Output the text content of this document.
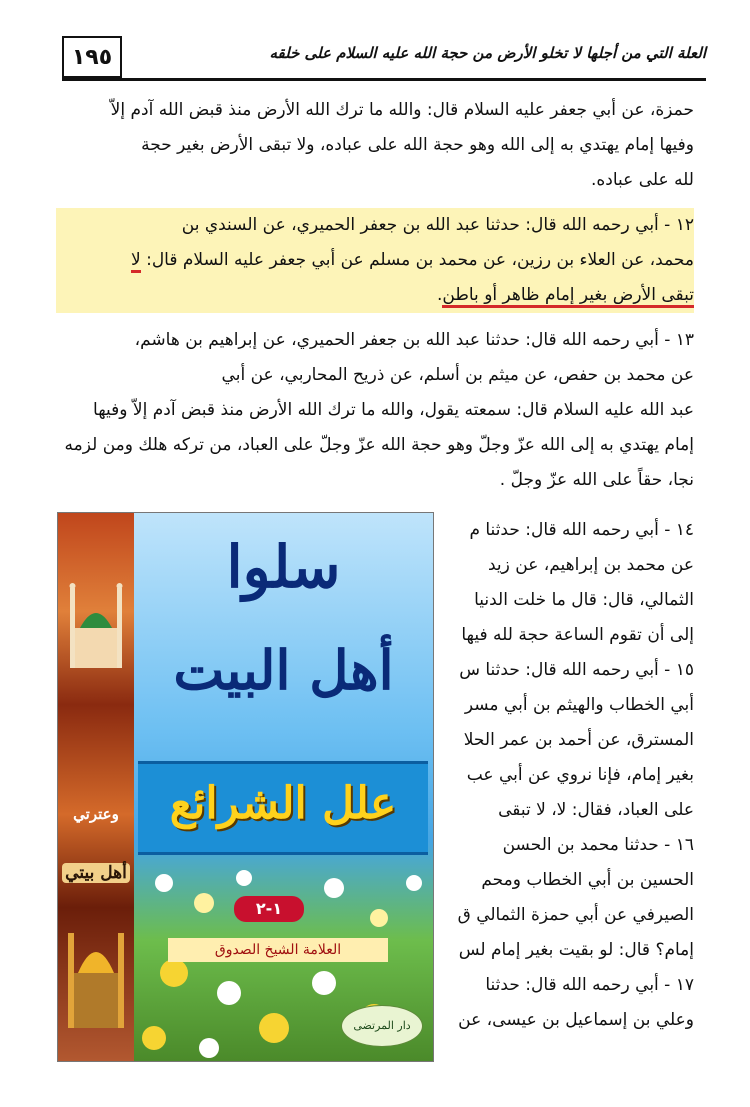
١٩٥	العلة التي من أجلها لا تخلو الأرض من حجة الله عليه السلام على خلقه

حمزة، عن أبي جعفر عليه السلام قال: والله ما ترك الله الأرض منذ قبض الله آدم إلاّ

وفيها إمام يهتدي به إلى الله وهو حجة الله على عباده، ولا تبقى الأرض بغير حجة

لله على عباده.

١٢ - أبي رحمه الله قال: حدثنا عبد الله بن جعفر الحميري، عن السندي بن

محمد، عن العلاء بن رزين، عن محمد بن مسلم عن أبي جعفر عليه السلام قال: لا

تبقى الأرض بغير إمام ظاهر أو باطن.

١٣ - أبي رحمه الله قال: حدثنا عبد الله بن جعفر الحميري، عن إبراهيم بن هاشم،

عن محمد بن حفص، عن ميثم بن أسلم، عن ذريح المحاربي، عن أبي

عبد الله عليه السلام قال: سمعته يقول، والله ما ترك الله الأرض منذ قبض آدم إلاّ وفيها

إمام يهتدي به إلى الله عزّ وجلّ وهو حجة الله عزّ وجلّ على العباد، من تركه هلك ومن لزمه

نجا، حقاً على الله عزّ وجلّ .

١٤ - أبي رحمه الله قال: حدثنا م

عن محمد بن إبراهيم، عن زيد

الثمالي، قال: قال ما خلت الدنيا

إلى أن تقوم الساعة حجة لله فيها

١٥ - أبي رحمه الله قال: حدثنا س

أبي الخطاب والهيثم بن أبي مسر

المسترق، عن أحمد بن عمر الحلا

بغير إمام، فإنا نروي عن أبي عب

على العباد، فقال: لا، لا تبقى

١٦ - حدثنا محمد بن الحسن

الحسين بن أبي الخطاب ومحم

الصيرفي عن أبي حمزة الثمالي ق

إمام؟ قال: لو بقيت بغير إمام لس

١٧ - أبي رحمه الله قال: حدثنا

وعلي بن إسماعيل بن عيسى، عن

وعترتي
أهل بيتي
سلوا
أهل البيت
علل الشرائع
١-٢
العلامة الشيخ الصدوق
دار المرتضى
